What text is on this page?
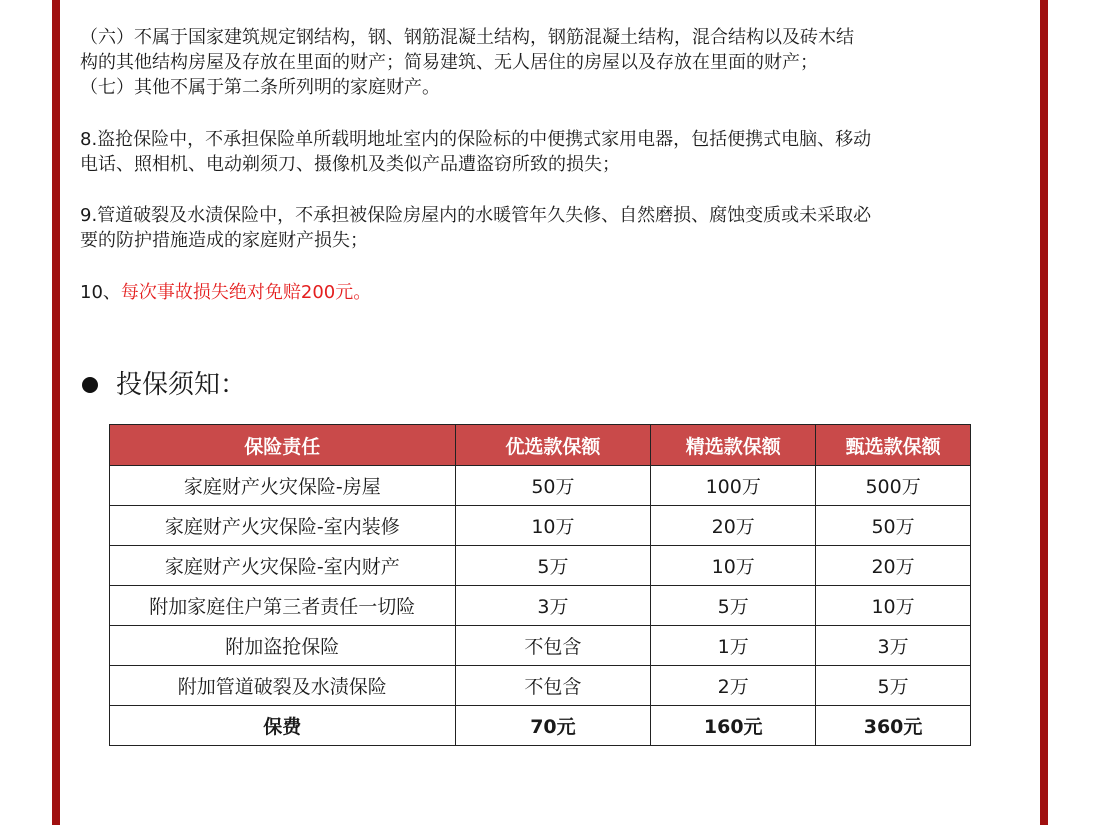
（六）不属于国家建筑规定钢结构，钢、钢筋混凝土结构，钢筋混凝土结构，混合结构以及砖木结
构的其他结构房屋及存放在里面的财产；简易建筑、无人居住的房屋以及存放在里面的财产；
（七）其他不属于第二条所列明的家庭财产。
8.盗抢保险中，不承担保险单所载明地址室内的保险标的中便携式家用电器，包括便携式电脑、移动
电话、照相机、电动剃须刀、摄像机及类似产品遭盗窃所致的损失；
9.管道破裂及水渍保险中，不承担被保险房屋内的水暖管年久失修、自然磨损、腐蚀变质或未采取必
要的防护措施造成的家庭财产损失；
10、每次事故损失绝对免赔200元。
投保须知：
保险责任	优选款保额	精选款保额	甄选款保额
家庭财产火灾保险-房屋	50万	100万	500万
家庭财产火灾保险-室内装修	10万	20万	50万
家庭财产火灾保险-室内财产	5万	10万	20万
附加家庭住户第三者责任一切险	3万	5万	10万
附加盗抢保险	不包含	1万	3万
附加管道破裂及水渍保险	不包含	2万	5万
保费	70元	160元	360元
